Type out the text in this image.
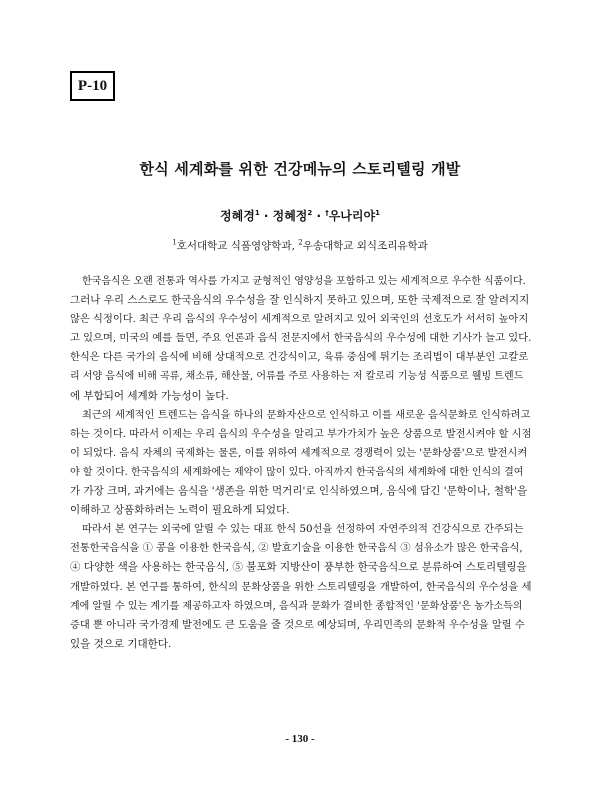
P-10
한식 세계화를 위한 건강메뉴의 스토리텔링 개발
정혜경$^1$ · 정혜정$^2$ · †우나리야$^1$
$^1$호서대학교 식품영양학과, $^2$우송대학교 외식조리유학과
한국음식은 오랜 전통과 역사를 가지고 균형적인 영양성을 포함하고 있는 세계적으로 우수한 식품이다.
그러나 우리 스스로도 한국음식의 우수성을 잘 인식하지 못하고 있으며, 또한 국제적으로 잘 알려지지
않은 식정이다. 최근 우리 음식의 우수성이 세계적으로 알려지고 있어 외국인의 선호도가 서서히 높아지
고 있으며, 미국의 예를 들면, 주요 언론과 음식 전문지에서 한국음식의 우수성에 대한 기사가 늘고 있다.
한식은 다른 국가의 음식에 비해 상대적으로 건강식이고, 육류 중심에 튀기는 조리법이 대부분인 고칼로
리 서양 음식에 비해 곡류, 채소류, 해산물, 어류를 주로 사용하는 저 칼로리 기능성 식품으로 웰빙 트렌드
에 부합되어 세계화 가능성이 높다.
최근의 세계적인 트렌드는 음식을 하나의 문화자산으로 인식하고 이를 새로운 음식문화로 인식하려고
하는 것이다. 따라서 이제는 우리 음식의 우수성을 알리고 부가가치가 높은 상품으로 발전시켜야 할 시점
이 되었다. 음식 자체의 국제화는 물론, 이를 위하여 세계적으로 경쟁력이 있는 '문화상품'으로 발전시켜
야 할 것이다. 한국음식의 세계화에는 제약이 많이 있다. 아직까지 한국음식의 세계화에 대한 인식의 결여
가 가장 크며, 과거에는 음식을 '생존을 위한 먹거리'로 인식하였으며, 음식에 담긴 '문학이나, 철학'을
이해하고 상품화하려는 노력이 필요하게 되었다.
따라서 본 연구는 외국에 알릴 수 있는 대표 한식 50선을 선정하여 자연주의적 건강식으로 간주되는
전통한국음식을 ① 콩을 이용한 한국음식, ② 발효기술을 이용한 한국음식 ③ 섬유소가 많은 한국음식,
④ 다양한 색을 사용하는 한국음식, ⑤ 불포화 지방산이 풍부한 한국음식으로 분류하여 스토리텔링을
개발하였다. 본 연구를 통하여, 한식의 문화상품을 위한 스토리텔링을 개발하여, 한국음식의 우수성을 세
계에 알릴 수 있는 계기를 제공하고자 하였으며, 음식과 문화가 결비한 종합적인 '문화상품'은 농가소득의
증대 뿐 아니라 국가경제 발전에도 큰 도움을 줄 것으로 예상되며, 우리민족의 문화적 우수성을 알릴 수
있을 것으로 기대한다.
- 130 -
